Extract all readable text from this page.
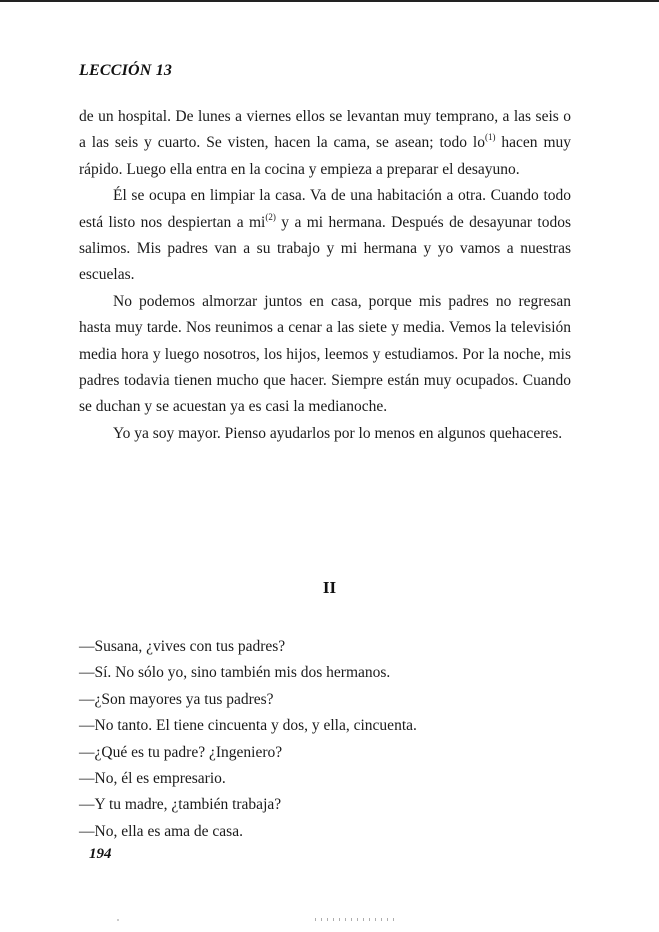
LECCIÓN 13

de un hospital. De lunes a viernes ellos se levantan muy temprano, a las seis o a las seis y cuarto. Se visten, hacen la cama, se asean; todo $lo^{(1)}$ hacen muy rápido. Luego ella entra en la cocina y empieza a preparar el desayuno.

Él se ocupa en limpiar la casa. Va de una habitación a otra. Cuando todo está listo nos despiertan a $mi^{(2)}$ y a mi hermana. Después de desayunar todos salimos. Mis padres van a su trabajo y mi hermana y yo vamos a nuestras escuelas.

No podemos almorzar juntos en casa, porque mis padres no regresan hasta muy tarde. Nos reunimos a cenar a las siete y media. Vemos la televisión media hora y luego nosotros, los hijos, leemos y estudiamos. Por la noche, mis padres todavia tienen mucho que hacer. Siempre están muy ocupados. Cuando se duchan y se acuestan ya es casi la medianoche.

Yo ya soy mayor. Pienso ayudarlos por lo menos en algunos quehaceres.

II
—Susana, ¿vives con tus padres?
—Sí. No sólo yo, sino también mis dos hermanos.
—¿Son mayores ya tus padres?
—No tanto. El tiene cincuenta y dos, y ella, cincuenta.
—¿Qué es tu padre? ¿Ingeniero?
—No, él es empresario.
—Y tu madre, ¿también trabaja?
—No, ella es ama de casa.
194
